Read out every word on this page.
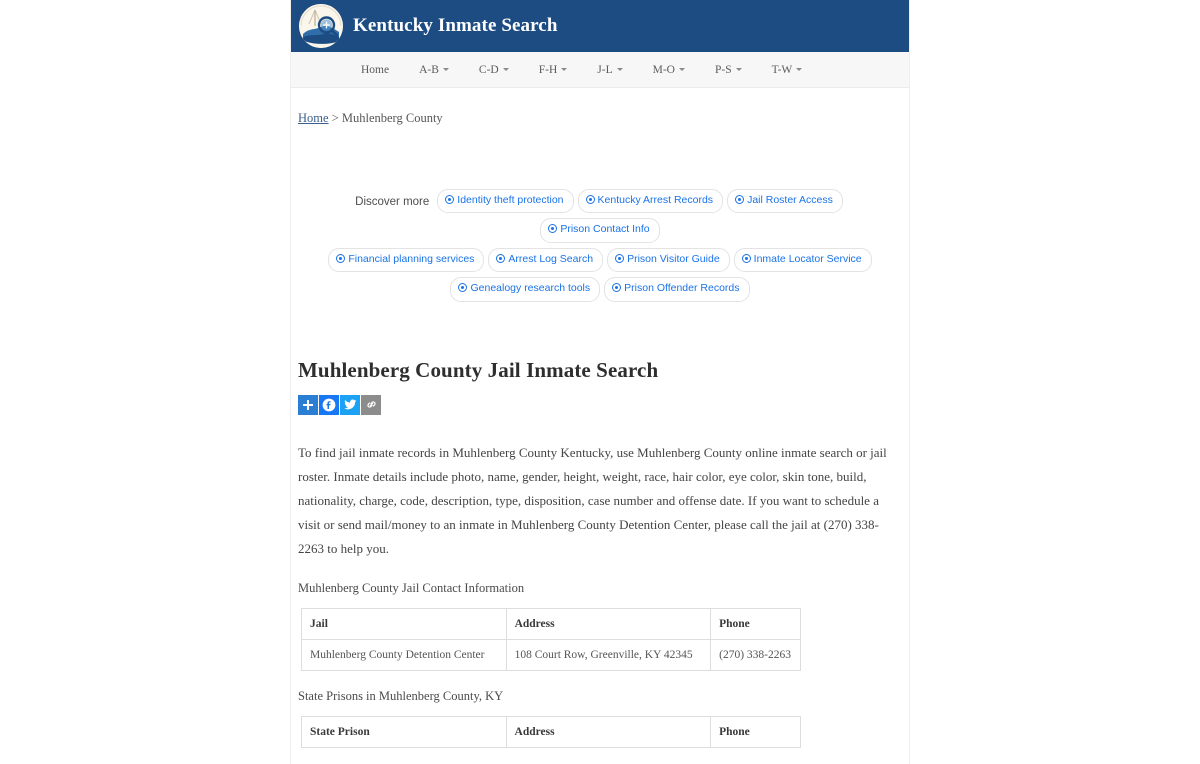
Kentucky Inmate Search
Home	A-B	C-D	F-H	J-L	M-O	P-S	T-W
Home > Muhlenberg County
Discover more	Identity theft protection	Kentucky Arrest Records	Jail Roster AccessPrison Contact Info
Financial planning services	Arrest Log Search	Prison Visitor Guide	Inmate Locator Service
Genealogy research tools	Prison Offender Records
Muhlenberg County Jail Inmate Search

To find jail inmate records in Muhlenberg County Kentucky, use Muhlenberg County online inmate search or jail roster. Inmate details include photo, name, gender, height, weight, race, hair color, eye color, skin tone, build, nationality, charge, code, description, type, disposition, case number and offense date. If you want to schedule a visit or send mail/money to an inmate in Muhlenberg County Detention Center, please call the jail at (270) 338-2263 to help you.

Muhlenberg County Jail Contact Information

Jail	Address	Phone
Muhlenberg County Detention Center	108 Court Row, Greenville, KY 42345	(270) 338-2263

State Prisons in Muhlenberg County, KY

State Prison	Address	Phone
